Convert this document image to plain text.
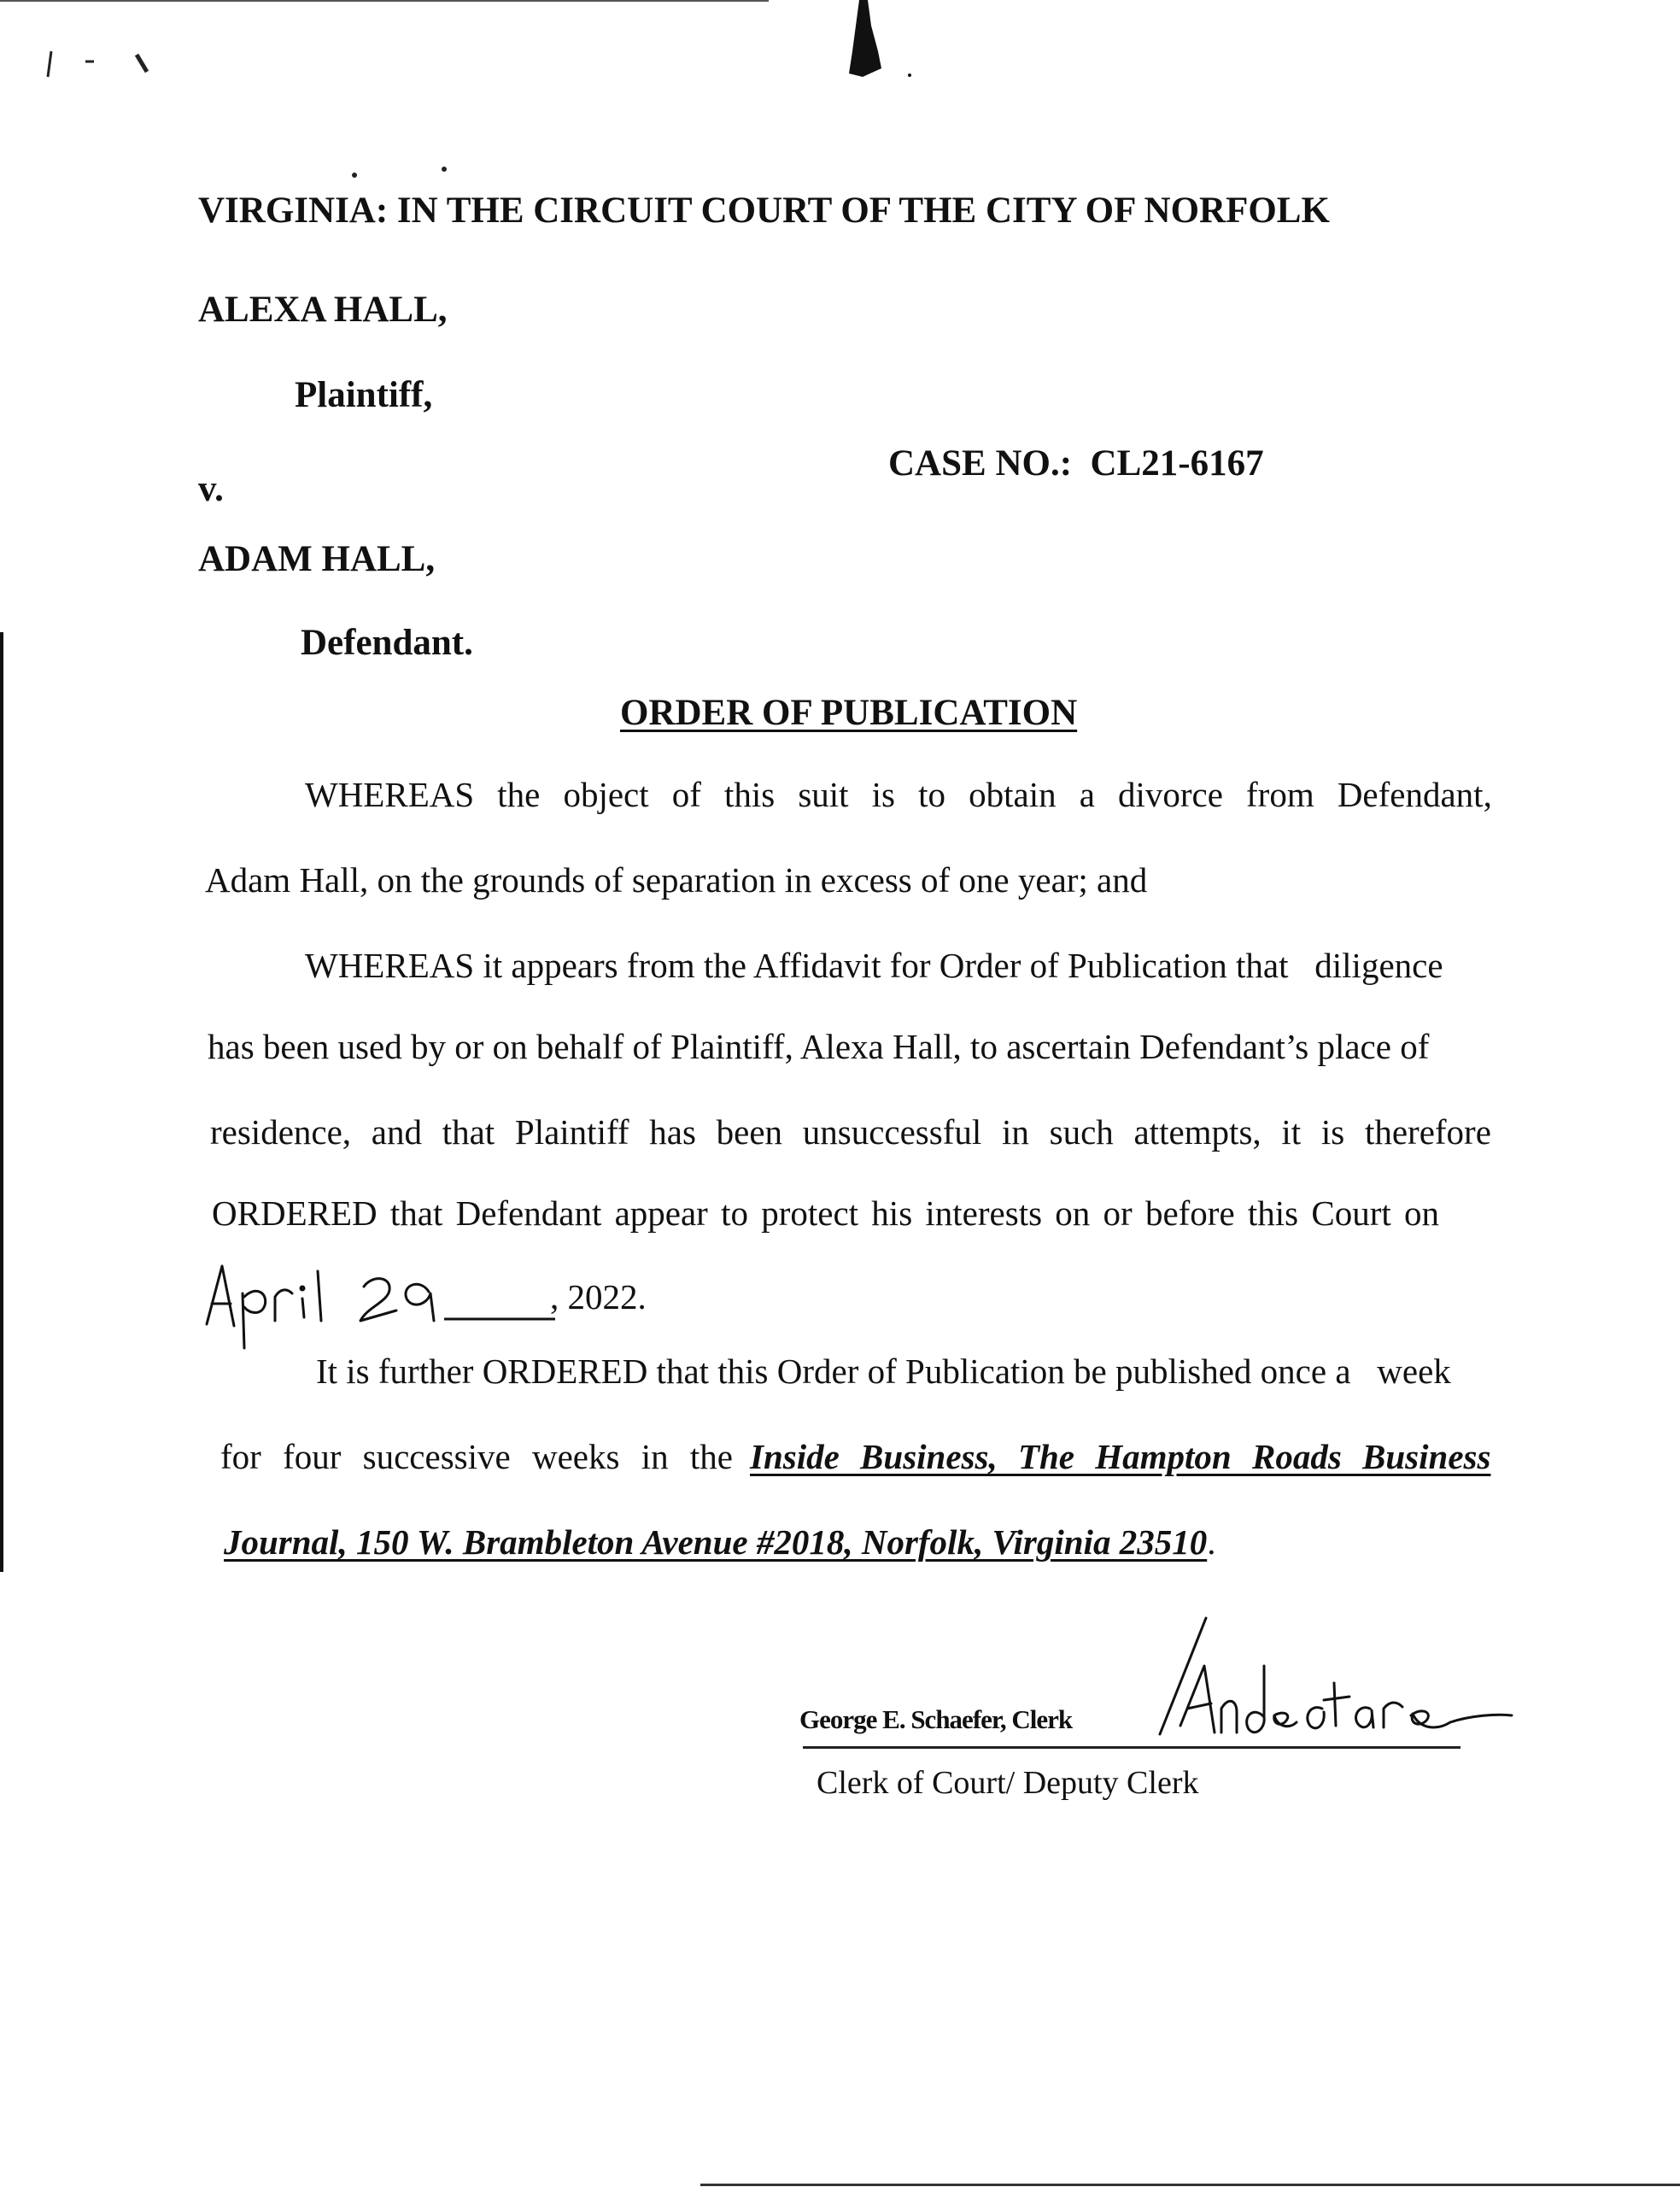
VIRGINIA: IN THE CIRCUIT COURT OF THE CITY OF NORFOLK
ALEXA HALL,
Plaintiff,
v.
CASE NO.: CL21-6167
ADAM HALL,
Defendant.
ORDER OF PUBLICATION
WHEREAS the object of this suit is to obtain a divorce from Defendant,
Adam Hall, on the grounds of separation in excess of one year; and
WHEREAS it appears from the Affidavit for Order of Publication that   diligence
has been used by or on behalf of Plaintiff, Alexa Hall, to ascertain Defendant’s place of
residence, and that Plaintiff has been unsuccessful in such attempts, it is therefore
ORDERED that Defendant appear to protect his interests on or before this Court on
, 2022.
It is further ORDERED that this Order of Publication be published once a   week
for four successive weeks in the Inside Business, The Hampton Roads Business
Journal, 150 W. Brambleton Avenue #2018, Norfolk, Virginia 23510.
George E. Schaefer, Clerk
Clerk of Court/ Deputy Clerk
